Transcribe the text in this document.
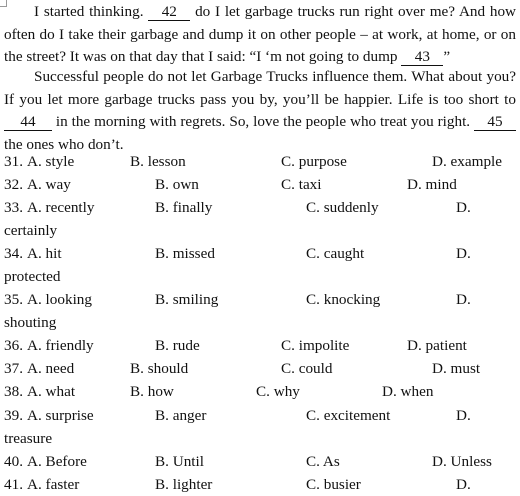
I started thinking. 42 do I let garbage trucks run right over me? And how often do I take their garbage and dump it on other people – at work, at home, or on the street? It was on that day that I said: “I ‘m not going to dump 43 ”

Successful people do not let Garbage Trucks influence them. What about you? If you let more garbage trucks pass you by, you’ll be happier. Life is too short to 44 in the morning with regrets. So, love the people who treat you right. 45 the ones who don’t.

31. A. style	B. lesson	C. purpose	D. example
32. A. way	B. own	C. taxi	D. mind
33. A. recently	B. finally	C. suddenly	D.
certainly
34. A. hit	B. missed	C. caught	D.
protected
35. A. looking	B. smiling	C. knocking	D.
shouting
36. A. friendly	B. rude	C. impolite	D. patient
37. A. need	B. should	C. could	D. must
38. A. what	B. how	C. why	D. when
39. A. surprise	B. anger	C. excitement	D.
treasure
40. A. Before	B. Until	C. As	D. Unless
41. A. faster	B. lighter	C. busier	D.
